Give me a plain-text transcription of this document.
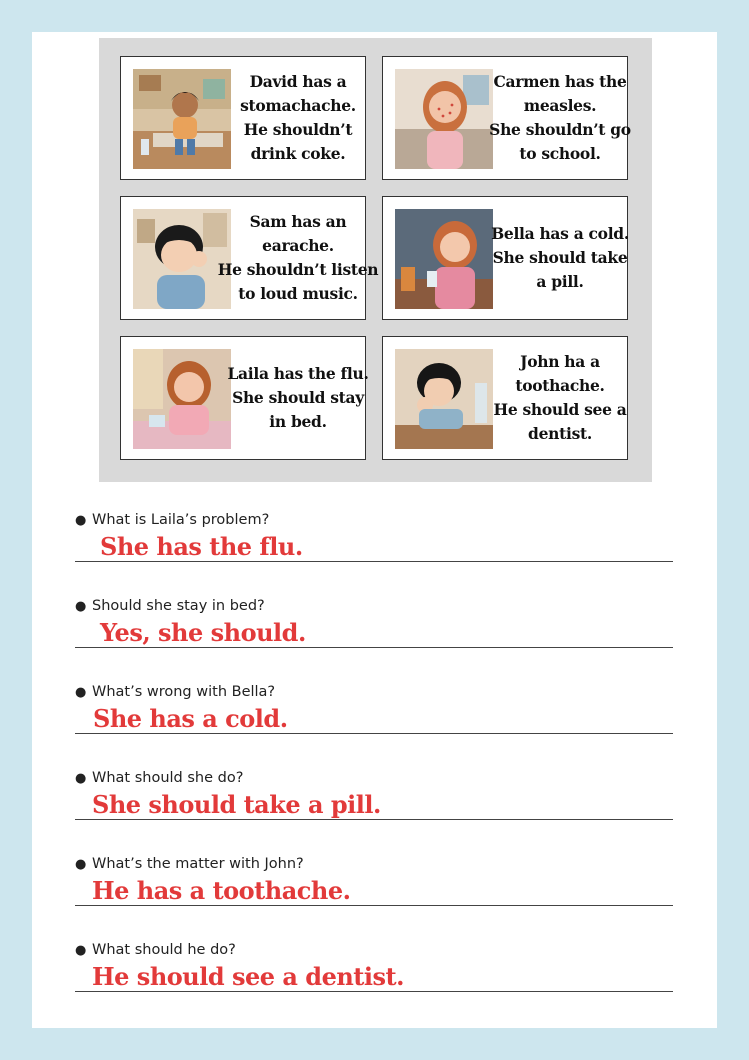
David has a
stomachache.
He shouldn’t
drink coke.
Carmen has the
measles.
She shouldn’t go
to school.
Sam has an
earache.
He shouldn’t listen
to loud music.
Bella has a cold.
She should take
a pill.
Laila has the flu.
She should stay
in bed.
John ha a
toothache.
He should see a
dentist.
● What is Laila’s problem?
She has the flu.
● Should she stay in bed?
Yes, she should.
● What’s wrong with Bella?
She has a cold.
● What should she do?
She should take a pill.
● What’s the matter with John?
He has a toothache.
● What should he do?
He should see a dentist.
